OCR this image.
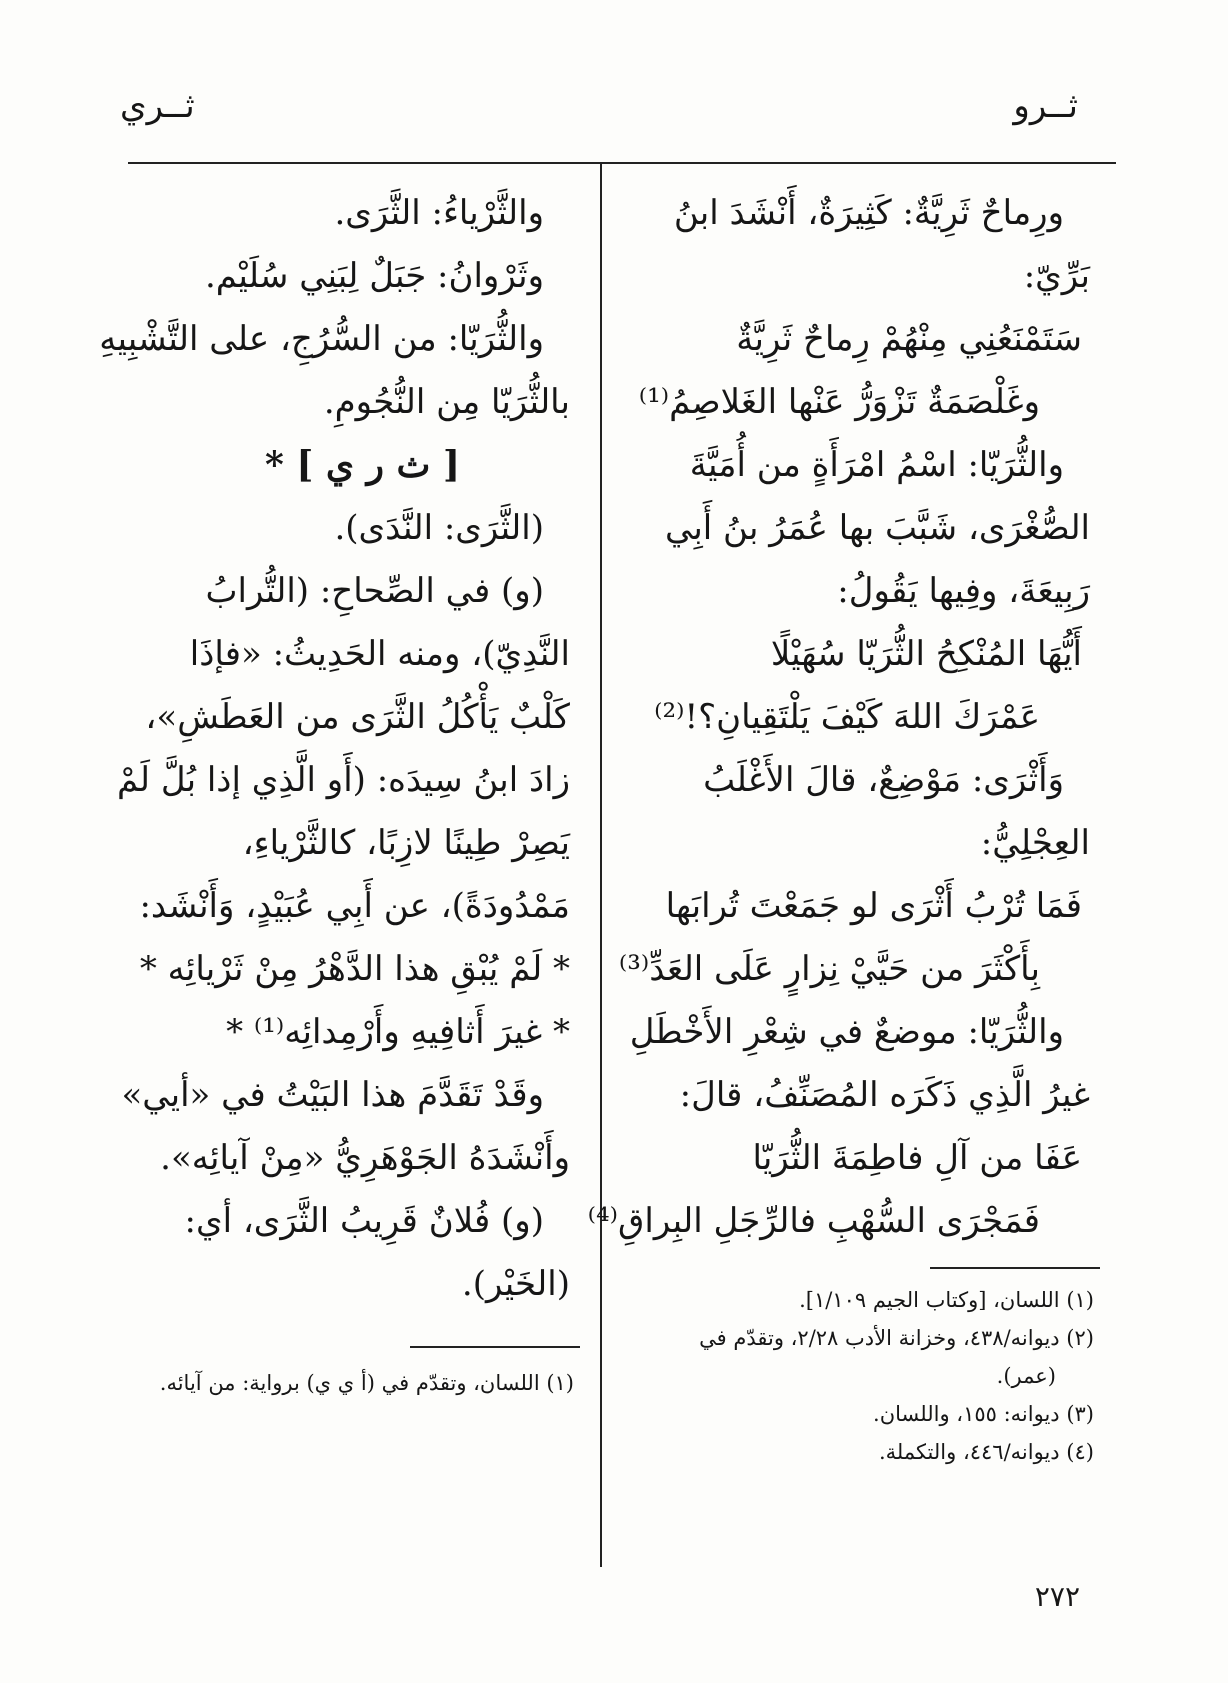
ثــرو
ثــري
ورِماحٌ ثَرِيَّةٌ: كَثِيرَةٌ، أَنْشَدَ ابنُ
بَرِّيّ:
سَتَمْنَعُنِي مِنْهُمْ رِماحٌ ثَرِيَّةٌ
وغَلْصَمَةٌ تَزْوَرُّ عَنْها الغَلاصِمُ⁽¹⁾
والثُّرَيّا: اسْمُ امْرَأَةٍ من أُمَيَّةَ
الصُّغْرَى، شَبَّبَ بها عُمَرُ بنُ أَبِي
رَبِيعَةَ، وفِيها يَقُولُ:
أَيُّهَا المُنْكِحُ الثُّرَيّا سُهَيْلًا
عَمْرَكَ اللهَ كَيْفَ يَلْتَقِيانِ؟!⁽²⁾
وَأَثْرَى: مَوْضِعٌ، قالَ الأَغْلَبُ
العِجْلِيُّ:
فَمَا تُرْبُ أَثْرَى لو جَمَعْتَ تُرابَها
بِأَكْثَرَ من حَيَّيْ نِزارٍ عَلَى العَدِّ⁽³⁾
والثُّرَيّا: موضعٌ في شِعْرِ الأَخْطَلِ
غيرُ الَّذِي ذَكَرَه المُصَنِّفُ، قالَ:
عَفَا من آلِ فاطِمَةَ الثُّرَيّا
فَمَجْرَى السُّهْبِ فالرِّجَلِ البِراقِ⁽⁴⁾
(١) اللسان، [وكتاب الجيم ١/١٠٩].
(٢) ديوانه/٤٣٨، وخزانة الأدب ٢/٢٨، وتقدّم في
(عمر).
(٣) ديوانه: ١٥٥، واللسان.
(٤) ديوانه/٤٤٦، والتكملة.
والثَّرْياءُ: الثَّرَى.
وثَرْوانُ: جَبَلٌ لِبَنِي سُلَيْم.
والثُّرَيّا: من السُّرُجِ، على التَّشْبِيهِ
بالثُّرَيّا مِن النُّجُومِ.
[ ث ر ي ] *
(الثَّرَى: النَّدَى).
(و) في الصِّحاحِ: (التُّرابُ
النَّدِيّ)، ومنه الحَدِيثُ: «فإذَا
كَلْبٌ يَأْكُلُ الثَّرَى من العَطَشِ»،
زادَ ابنُ سِيدَه: (أَو الَّذِي إذا بُلَّ لَمْ
يَصِرْ طِينًا لازِبًا، كالثَّرْياءِ،
مَمْدُودَةً)، عن أَبِي عُبَيْدٍ، وَأَنْشَد:
* لَمْ يُبْقِ هذا الدَّهْرُ مِنْ ثَرْيائِه *
* غيرَ أَثافِيهِ وأَرْمِدائِه⁽¹⁾ *
وقَدْ تَقَدَّمَ هذا البَيْتُ في «أيي»
وأَنْشَدَهُ الجَوْهَرِيُّ «مِنْ آيائِه».
(و) فُلانٌ قَرِيبُ الثَّرَى، أي:
(الخَيْر).
(١) اللسان، وتقدّم في (أ ي ي) برواية: من آيائه.
٢٧٢
